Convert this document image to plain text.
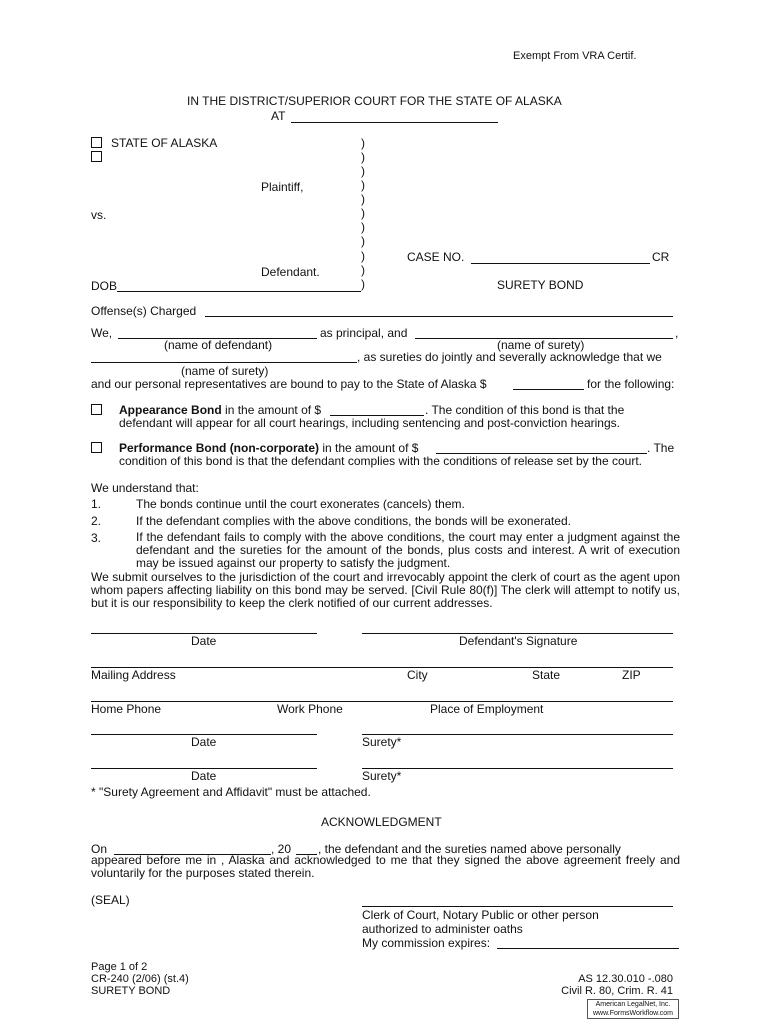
Exempt From VRA Certif.
IN THE DISTRICT/SUPERIOR COURT FOR THE STATE OF ALASKA
AT
STATE OF ALASKA
Plaintiff,
vs.
Defendant.
DOB
)
)
)
)
)
)
)
)
)
)
)
CASE NO.	CR
SURETY BOND
Offense(s) Charged
We,	as principal, and	,
(name of defendant)	(name of surety)
, as sureties do jointly and severally acknowledge that we
(name of surety)
and our personal representatives are bound to pay to the State of Alaska $	for the following:
Appearance Bond in the amount of $	. The condition of this bond is that the
defendant will appear for all court hearings, including sentencing and post-conviction hearings.
Performance Bond (non-corporate) in the amount of $	. The
condition of this bond is that the defendant complies with the conditions of release set by the court.
We understand that:
1.	The bonds continue until the court exonerates (cancels) them.
2.	If the defendant complies with the above conditions, the bonds will be exonerated.
3.	If the defendant fails to comply with the above conditions, the court may enter a judgment against the defendant and the sureties for the amount of the bonds, plus costs and interest. A writ of execution may be issued against our property to satisfy the judgment.
We submit ourselves to the jurisdiction of the court and irrevocably appoint the clerk of court as the agent upon whom papers affecting liability on this bond may be served. [Civil Rule 80(f)] The clerk will attempt to notify us, but it is our responsibility to keep the clerk notified of our current addresses.
Date	Defendant's Signature
Mailing Address	City	State	ZIP
Home Phone	Work Phone	Place of Employment
Date	Surety*
Date	Surety*
* "Surety Agreement and Affidavit" must be attached.
ACKNOWLEDGMENT
On	, 20 , the defendant and the sureties named above personally
appeared before me in , Alaska and acknowledged to me that they signed the above agreement freely and voluntarily for the purposes stated therein.
(SEAL)
Clerk of Court, Notary Public or other person
authorized to administer oaths
My commission expires:
Page 1 of 2
CR-240 (2/06) (st.4)
SURETY BOND
AS 12.30.010 -.080
Civil R. 80, Crim. R. 41
American LegalNet, Inc.
www.FormsWorkflow.com
